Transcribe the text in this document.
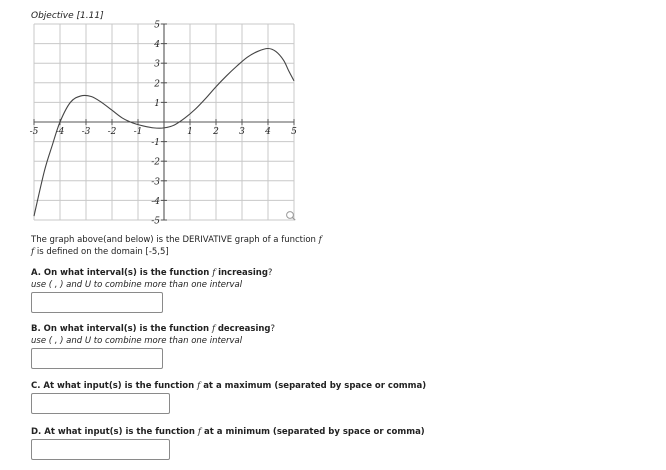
Objective [1.11]
-5 -4 -3 -2 -1	1 2 3 4 5
5
4
3
2
1
-1
-2
-3
-4
-5
The graph above(and below) is the DERIVATIVE graph of a function f
f is defined on the domain [-5,5]
A. On what interval(s) is the function f increasing?
use ( , ) and U to combine more than one interval
B. On what interval(s) is the function f decreasing?
use ( , ) and U to combine more than one interval
C. At what input(s) is the function f at a maximum (separated by space or comma)
D. At what input(s) is the function f at a minimum (separated by space or comma)
